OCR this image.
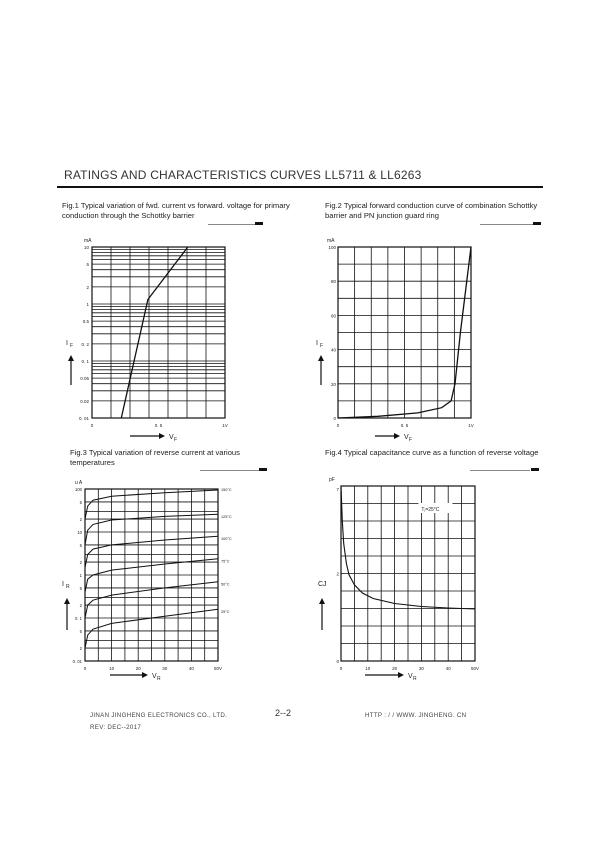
RATINGS AND CHARACTERISTICS CURVES LL5711 & LL6263
Fig.1 Typical variation of fwd. current vs forward. voltage for primary conduction through the Schottky barrier
Fig.2 Typical forward conduction curve of combination Schottky barrier and PN junction guard ring
Fig.3 Typical variation of reverse current at various temperatures
Fig.4 Typical capacitance curve as a function of reverse voltage
10
5
2
1
0.5
0. 2
0. 1
0.05
0.02
0. 01
0	0. 5	1V
mA
I F
V F
100
80
60
40
20
0
0	0. 5	1V
mA
I F
V F
100
5
2
10
5
2
1
5
2
0. 1
5
2
0. 01
0	10	20	30	40	50V
u A
150°C
125°C
100°C
75°C
50°C
25°C
I R
V R
7
2
0
0	10	20	30	40	50V
pF
Tⱼ=25°C
CJ
V R
JINAN JINGHENG ELECTRONICS CO., LTD.
REV: DEC--2017
2--2	HTTP : / / WWW. JINGHENG. CN
